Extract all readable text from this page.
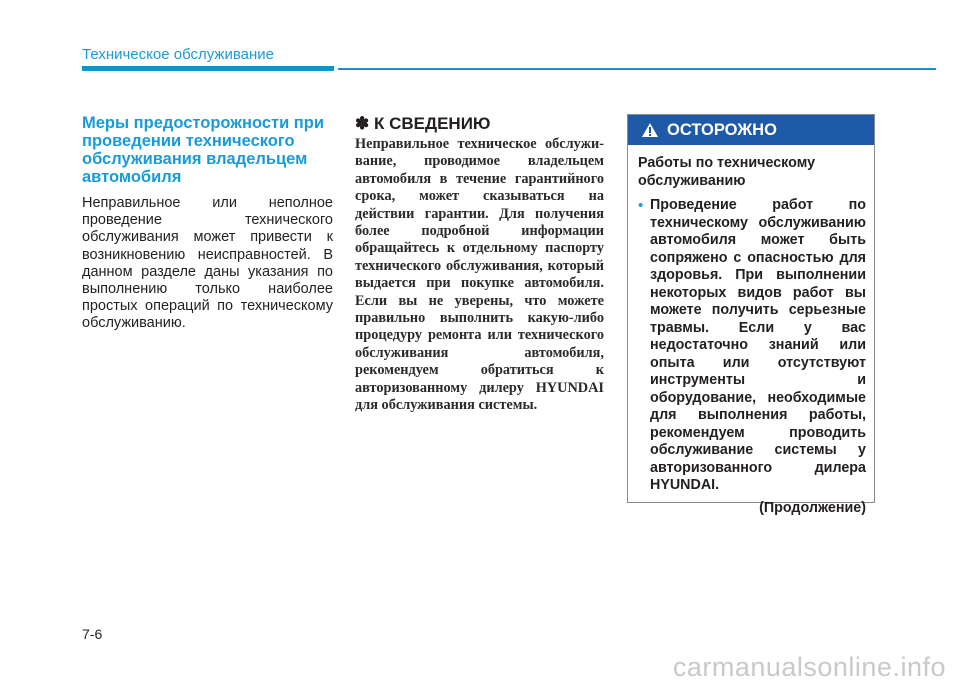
Техническое обслуживание
Меры предосторожности при проведении технического обслуживания владельцем автомобиля

Неправильное или неполное проведение технического обслуживания может привести к возникновению неисправностей. В данном разделе даны указания по выполнению только наиболее простых операций по техническому обслуживанию.

✽ К СВЕДЕНИЮ

Неправильное техническое обслужи-вание, проводимое владельцем автомобиля в течение гарантийного срока, может сказываться на действии гарантии. Для получения более подробной информации обращайтесь к отдельному паспорту технического обслуживания, который выдается при покупке автомобиля. Если вы не уверены, что можете правильно выполнить какую-либо процедуру ремонта или технического обслуживания автомобиля, рекомендуем обратиться к авторизованному дилеру HYUNDAI для обслуживания системы.

ОСТОРОЖНО

Работы по техническому обслуживанию

• Проведение работ по техническому обслуживанию автомобиля может быть сопряжено с опасностью для здоровья. При выполнении некоторых видов работ вы можете получить серьезные травмы. Если у вас недостаточно знаний или опыта или отсутствуют инструменты и оборудование, необходимые для выполнения работы, рекомендуем проводить обслуживание системы у авторизованного дилера HYUNDAI.

(Продолжение)

7-6
carmanualsonline.info
